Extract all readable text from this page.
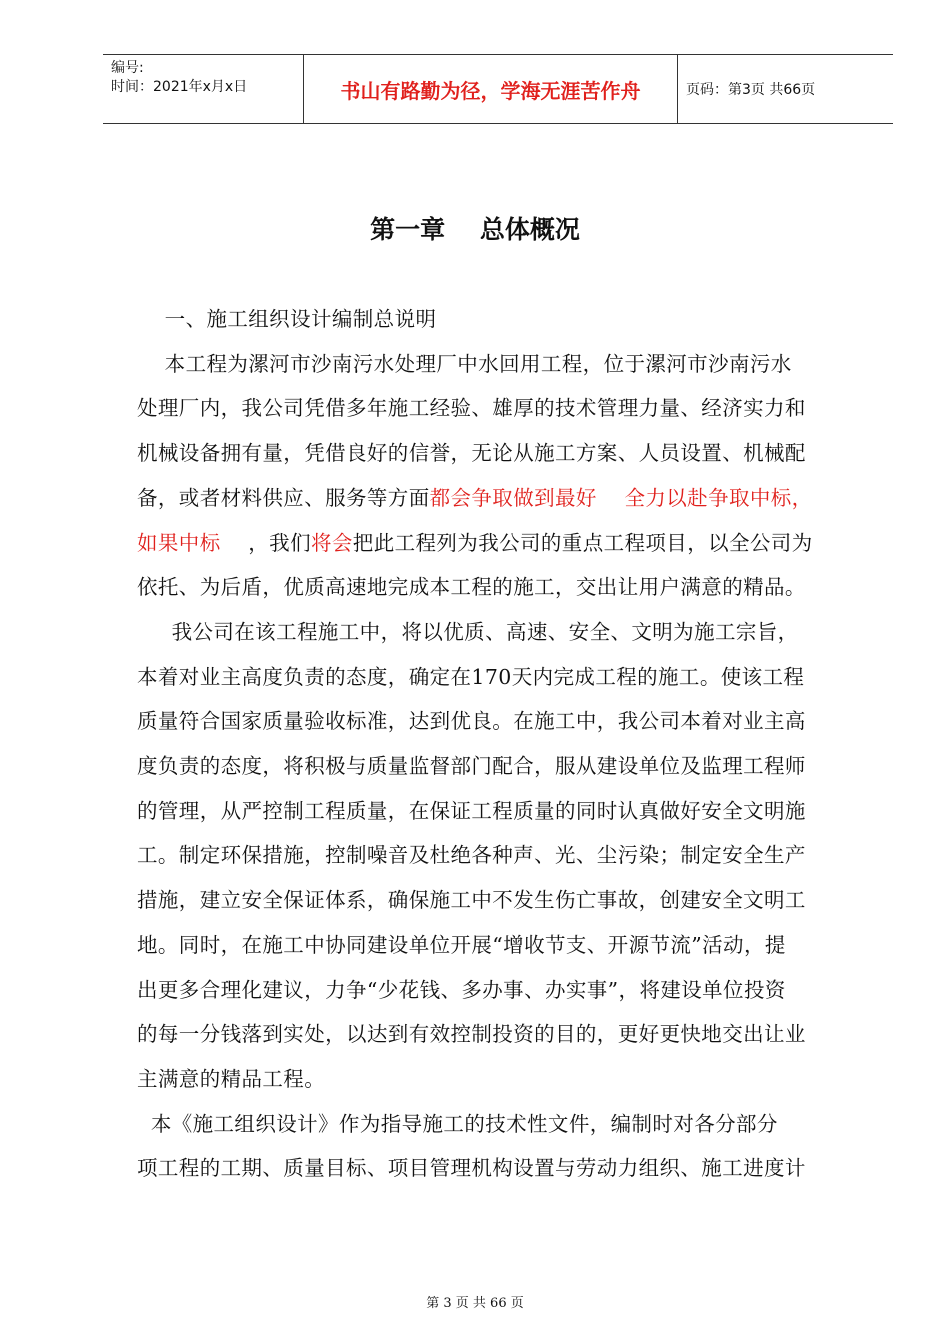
编号:
时间：2021年x月x日	书山有路勤为径，学海无涯苦作舟	页码：第3页 共66页
第一章    总体概况
一、施工组织设计编制总说明
本工程为漯河市沙南污水处理厂中水回用工程，位于漯河市沙南污水
处理厂内，我公司凭借多年施工经验、雄厚的技术管理力量、经济实力和
机械设备拥有量，凭借良好的信誉，无论从施工方案、人员设置、机械配
备，或者材料供应、服务等方面都会争取做到最好    全力以赴争取中标，
如果中标    ，我们将会把此工程列为我公司的重点工程项目，以全公司为
依托、为后盾，优质高速地完成本工程的施工，交出让用户满意的精品。
我公司在该工程施工中，将以优质、高速、安全、文明为施工宗旨，
本着对业主高度负责的态度，确定在170天内完成工程的施工。使该工程
质量符合国家质量验收标准，达到优良。在施工中，我公司本着对业主高
度负责的态度，将积极与质量监督部门配合，服从建设单位及监理工程师
的管理，从严控制工程质量，在保证工程质量的同时认真做好安全文明施
工。制定环保措施，控制噪音及杜绝各种声、光、尘污染；制定安全生产
措施，建立安全保证体系，确保施工中不发生伤亡事故，创建安全文明工
地。同时，在施工中协同建设单位开展“增收节支、开源节流”活动，提
出更多合理化建议，力争“少花钱、多办事、办实事”，将建设单位投资
的每一分钱落到实处，以达到有效控制投资的目的，更好更快地交出让业
主满意的精品工程。
本《施工组织设计》作为指导施工的技术性文件，编制时对各分部分
项工程的工期、质量目标、项目管理机构设置与劳动力组织、施工进度计
第 3 页 共 66 页
